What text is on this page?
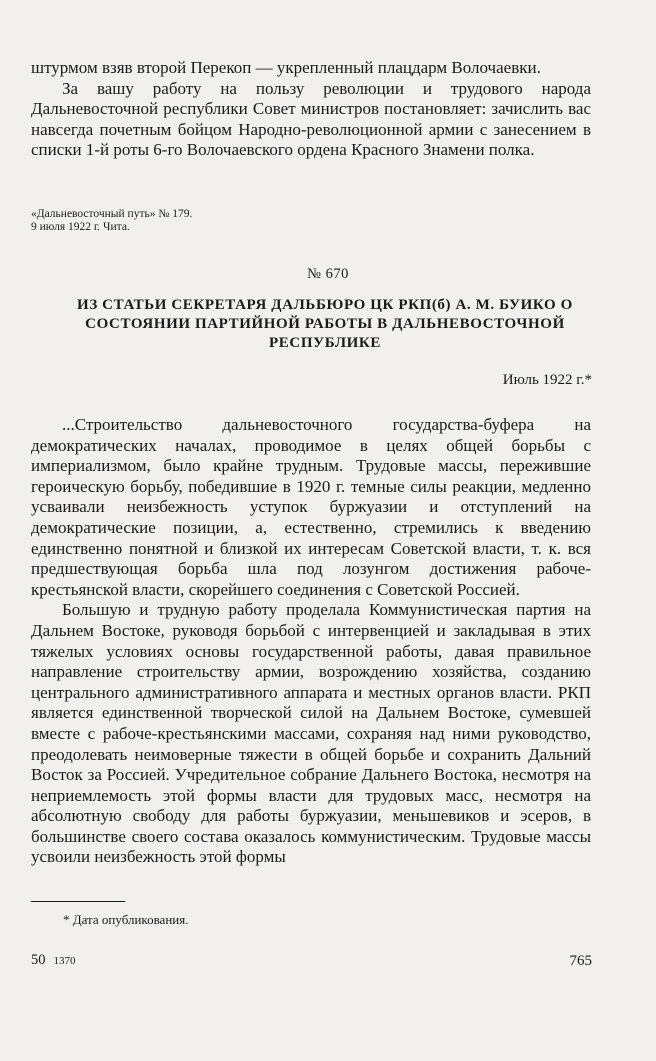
штурмом взяв второй Перекоп — укрепленный плацдарм Волочаевки.

За вашу работу на пользу революции и трудового народа Дальневосточной республики Совет министров постановляет: зачислить вас навсегда почетным бойцом Народно-революционной армии с занесением в списки 1-й роты 6-го Волочаевского ордена Красного Знамени полка.

«Дальневосточный путь» № 179.
9 июля 1922 г. Чита.
№ 670
ИЗ СТАТЬИ СЕКРЕТАРЯ ДАЛЬБЮРО ЦК РКП(б) А. М. БУИКО О СОСТОЯНИИ ПАРТИЙНОЙ РАБОТЫ В ДАЛЬНЕВОСТОЧНОЙ РЕСПУБЛИКЕ
Июль 1922 г.*

...Строительство дальневосточного государства-буфера на демократических началах, проводимое в целях общей борьбы с империализмом, было крайне трудным. Трудовые массы, пережившие героическую борьбу, победившие в 1920 г. темные силы реакции, медленно усваивали неизбежность уступок буржуазии и отступлений на демократические позиции, а, естественно, стремились к введению единственно понятной и близкой их интересам Советской власти, т. к. вся предшествующая борьба шла под лозунгом достижения рабоче-крестьянской власти, скорейшего соединения с Советской Россией.

Большую и трудную работу проделала Коммунистическая партия на Дальнем Востоке, руководя борьбой с интервенцией и закладывая в этих тяжелых условиях основы государственной работы, давая правильное направление строительству армии, возрождению хозяйства, созданию центрального административного аппарата и местных органов власти. РКП является единственной творческой силой на Дальнем Востоке, сумевшей вместе с рабоче-крестьянскими массами, сохраняя над ними руководство, преодолевать неимоверные тяжести в общей борьбе и сохранить Дальний Восток за Россией. Учредительное собрание Дальнего Востока, несмотря на неприемлемость этой формы власти для трудовых масс, несмотря на абсолютную свободу для работы буржуазии, меньшевиков и эсеров, в большинстве своего состава оказалось коммунистическим. Трудовые массы усвоили неизбежность этой формы

* Дата опубликования.
50 1370	765
